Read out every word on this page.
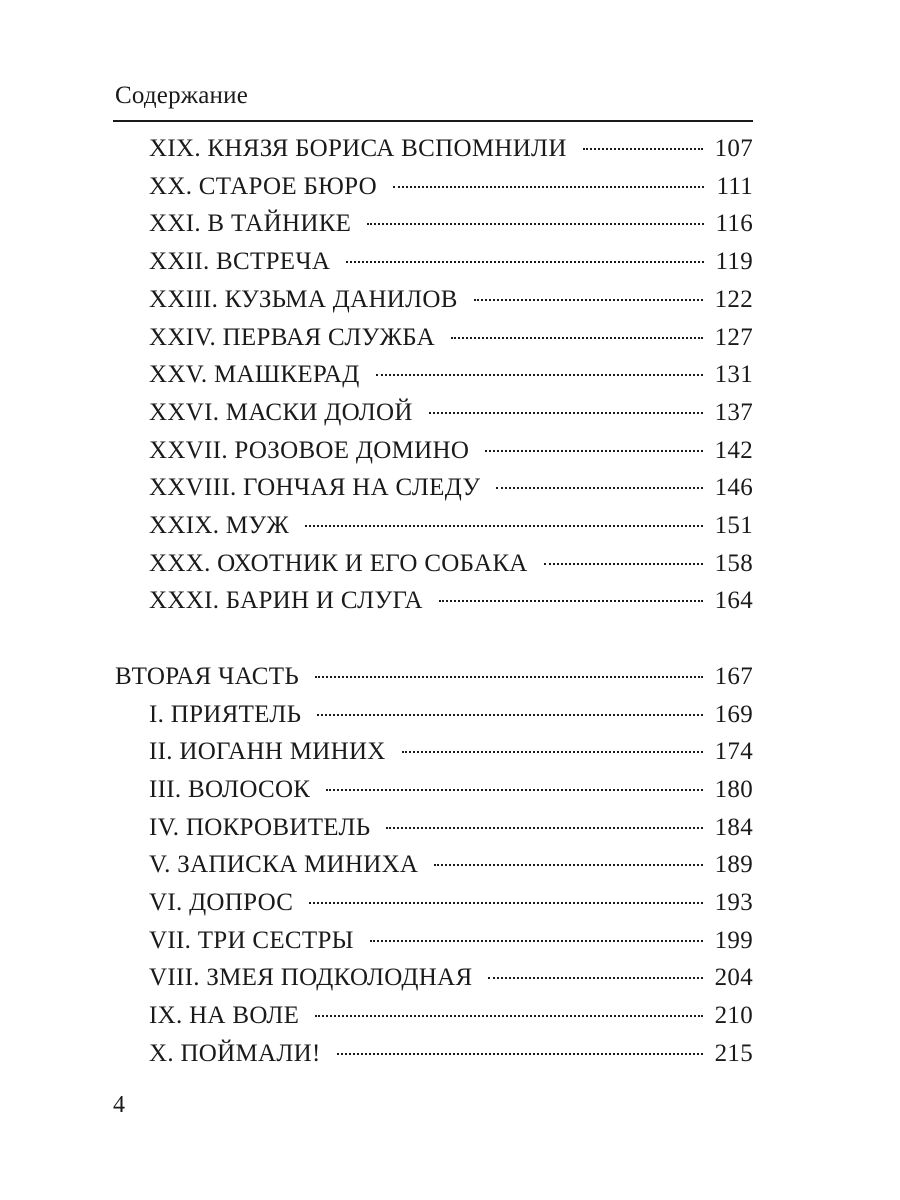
Содержание
XIX. КНЯЗЯ БОРИСА ВСПОМНИЛИ	107
XX. СТАРОЕ БЮРО	111
XXI. В ТАЙНИКЕ	116
XXII. ВСТРЕЧА	119
XXIII. КУЗЬМА ДАНИЛОВ	122
XXIV. ПЕРВАЯ СЛУЖБА	127
XXV. МАШКЕРАД	131
XXVI. МАСКИ ДОЛОЙ	137
XXVII. РОЗОВОЕ ДОМИНО	142
XXVIII. ГОНЧАЯ НА СЛЕДУ	146
XXIX. МУЖ	151
XXX. ОХОТНИК И ЕГО СОБАКА	158
XXXI. БАРИН И СЛУГА	164
ВТОРАЯ ЧАСТЬ	167
I. ПРИЯТЕЛЬ	169
II. ИОГАНН МИНИХ	174
III. ВОЛОСОК	180
IV. ПОКРОВИТЕЛЬ	184
V. ЗАПИСКА МИНИХА	189
VI. ДОПРОС	193
VII. ТРИ СЕСТРЫ	199
VIII. ЗМЕЯ ПОДКОЛОДНАЯ	204
IX. НА ВОЛЕ	210
X. ПОЙМАЛИ!	215
4
